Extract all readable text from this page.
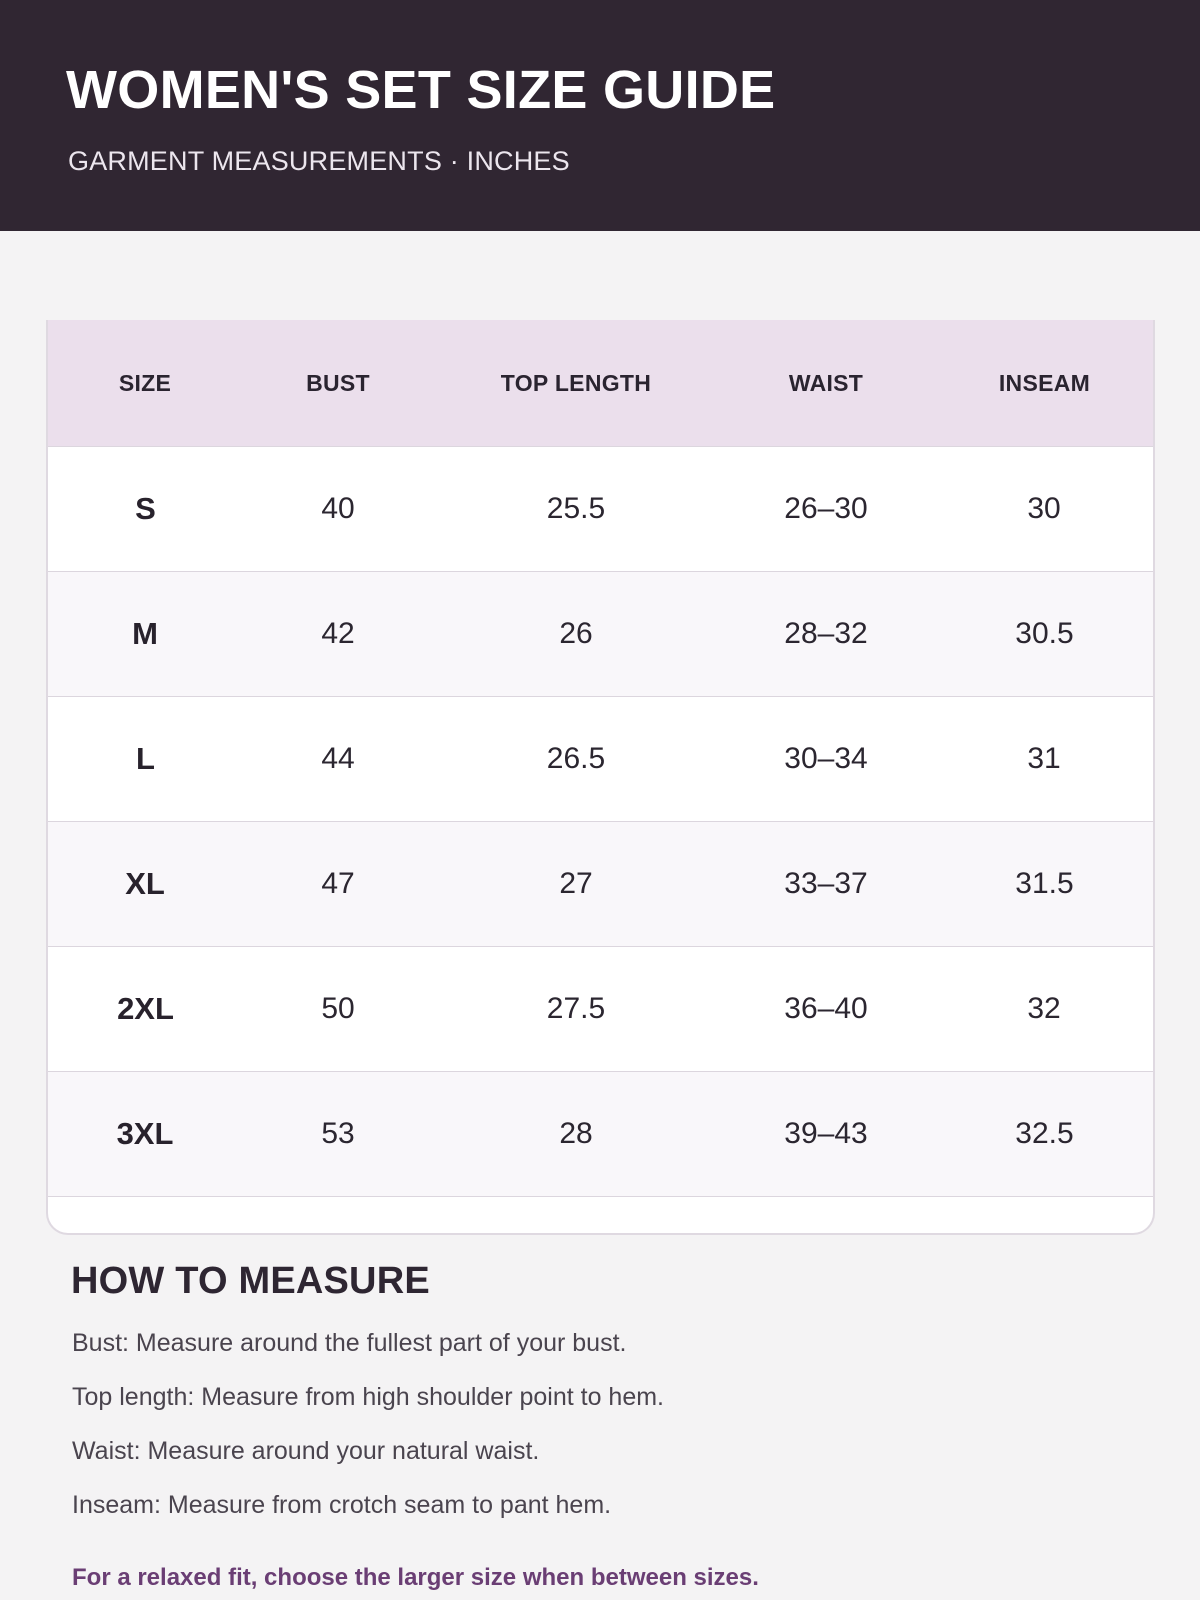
WOMEN'S SET SIZE GUIDE

GARMENT MEASUREMENTS · INCHES

SIZE	BUST	TOP LENGTH	WAIST	INSEAM
S	40	25.5	26–30	30
M	42	26	28–32	30.5
L	44	26.5	30–34	31
XL	47	27	33–37	31.5
2XL	50	27.5	36–40	32
3XL	53	28	39–43	32.5
HOW TO MEASURE
Bust: Measure around the fullest part of your bust.
Top length: Measure from high shoulder point to hem.
Waist: Measure around your natural waist.
Inseam: Measure from crotch seam to pant hem.

For a relaxed fit, choose the larger size when between sizes.
